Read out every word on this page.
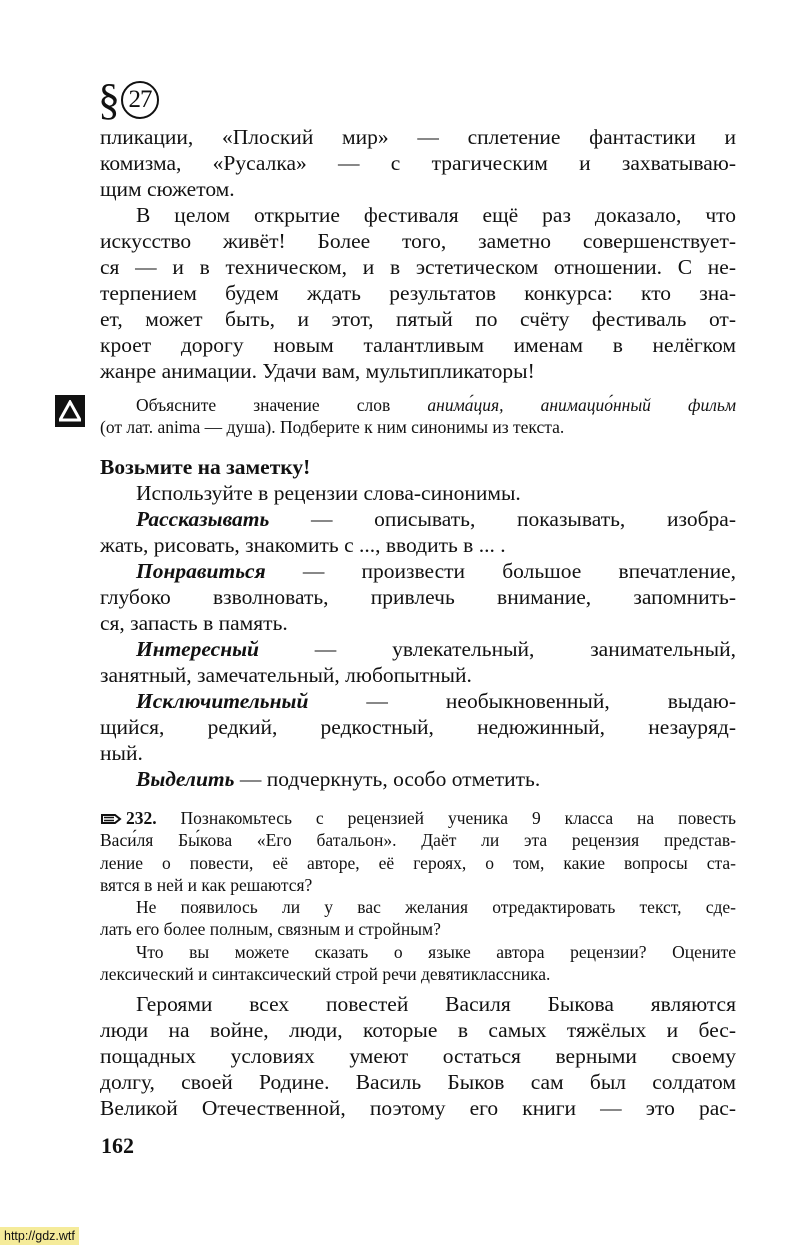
§ 27
пликации, «Плоский мир» — сплетение фантастики и
комизма, «Русалка» — с трагическим и захватываю-
щим сюжетом.
В целом открытие фестиваля ещё раз доказало, что
искусство живёт! Более того, заметно совершенствует-
ся — и в техническом, и в эстетическом отношении. С не-
терпением будем ждать результатов конкурса: кто зна-
ет, может быть, и этот, пятый по счёту фестиваль от-
кроет дорогу новым талантливым именам в нелёгком
жанре анимации. Удачи вам, мультипликаторы!
Объясните значение слов анима́ция, анимацио́нный фильм
(от лат. anima — душа). Подберите к ним синонимы из текста.
Возьмите на заметку!
Используйте в рецензии слова-синонимы.
Рассказывать — описывать, показывать, изобра-
жать, рисовать, знакомить с ..., вводить в ... .
Понравиться — произвести большое впечатление,
глубоко взволновать, привлечь внимание, запомнить-
ся, запасть в память.
Интересный — увлекательный, занимательный,
занятный, замечательный, любопытный.
Исключительный — необыкновенный, выдаю-
щийся, редкий, редкостный, недюжинный, незауряд-
ный.
Выделить — подчеркнуть, особо отметить.
232. Познакомьтесь с рецензией ученика 9 класса на повесть
Васи́ля Бы́кова «Его батальон». Даёт ли эта рецензия представ-
ление о повести, её авторе, её героях, о том, какие вопросы ста-
вятся в ней и как решаются?
Не появилось ли у вас желания отредактировать текст, сде-
лать его более полным, связным и стройным?
Что вы можете сказать о языке автора рецензии? Оцените
лексический и синтаксический строй речи девятиклассника.
Героями всех повестей Василя Быкова являются
люди на войне, люди, которые в самых тяжёлых и бес-
пощадных условиях умеют остаться верными своему
долгу, своей Родине. Василь Быков сам был солдатом
Великой Отечественной, поэтому его книги — это рас-
162
http://gdz.wtf
